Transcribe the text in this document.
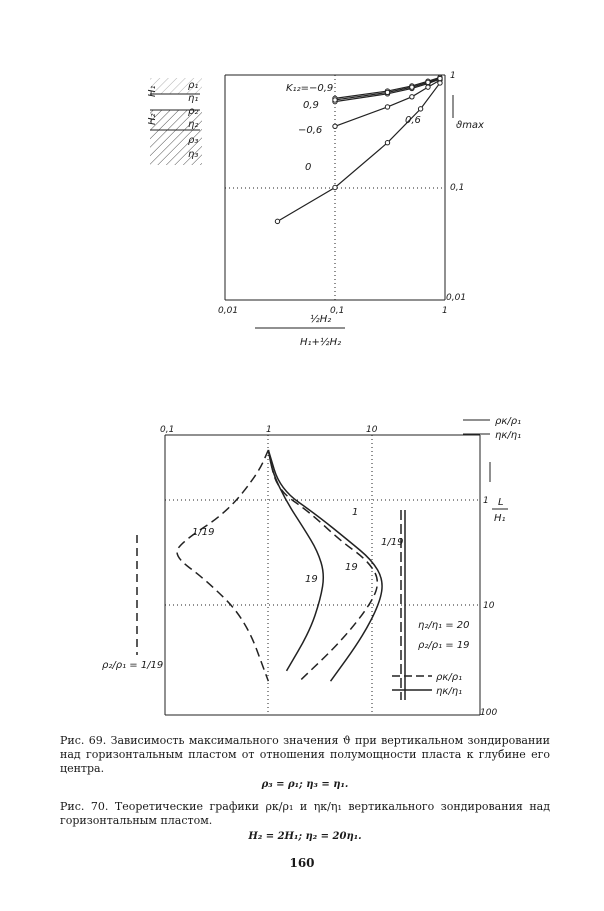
ρ₁
η₁
ρ₂
η₂
ρ₃
η₃
H₁
H₂
1
0,1
0,01
0,01	0,1	1
ϑmax
½H₂
H₁+½H₂
K₁₂=−0,9
0,9
−0,6
0
0,6
0,1	1	10
1
10
100
ρк/ρ₁
ηк/η₁
L
H₁
ρ₂/ρ₁ = 1/19
η₂/η₁ = 20
ρ₂/ρ₁ = 19
1/19
1
1/19
19
19
ρк/ρ₁
ηк/η₁
Рис. 69. Зависимость максимального значения ϑ при вертикальном зондировании над горизонтальным пластом от отношения полумощности пласта к глубине его центра.
ρ₃ = ρ₁; η₃ = η₁.
Рис. 70. Теоретические графики ρк/ρ₁ и ηк/η₁ вертикального зондирования над горизонтальным пластом.
H₂ = 2H₁; η₂ = 20η₁.
160
